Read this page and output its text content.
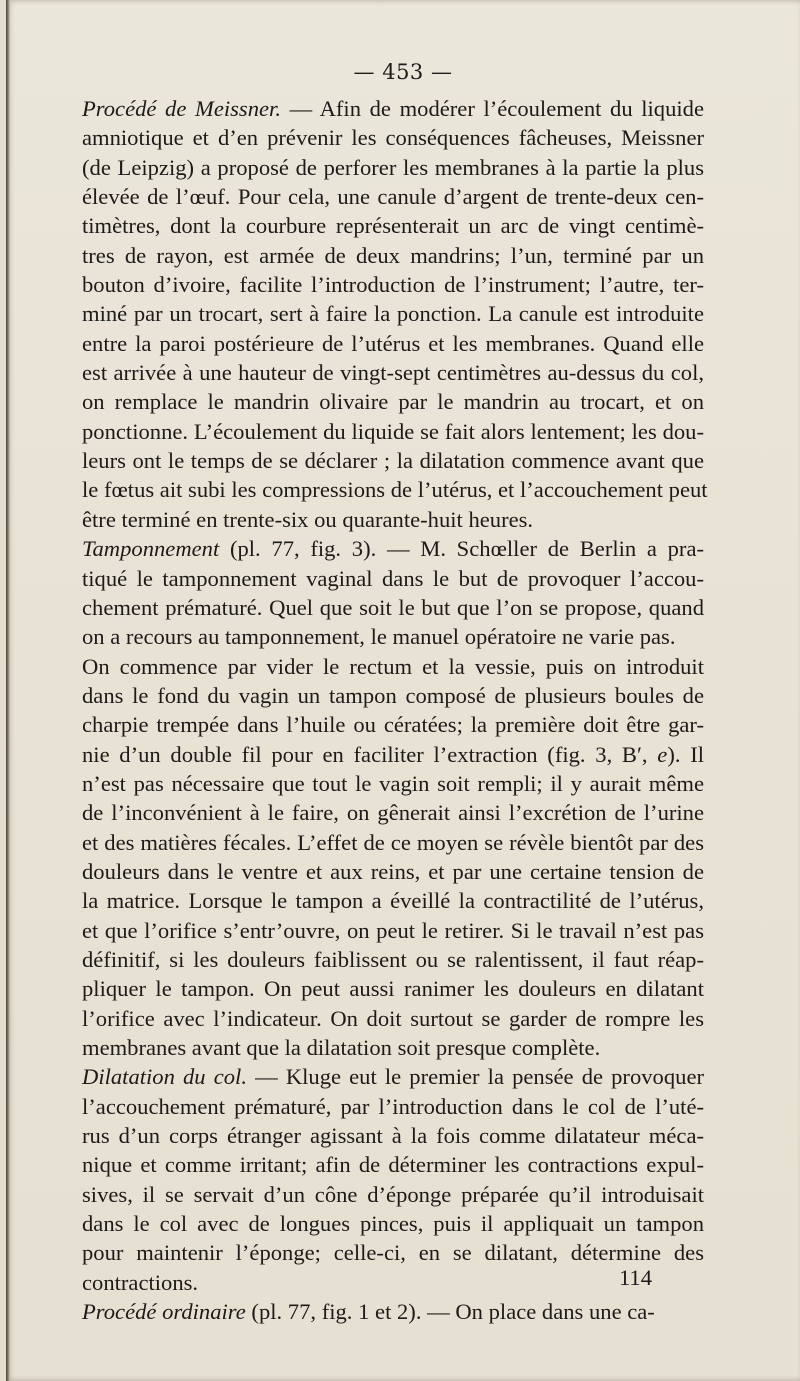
— 453 —
Procédé de Meissner. — Afin de modérer l’écoulement du liquide
amniotique et d’en prévenir les conséquences fâcheuses, Meissner
(de Leipzig) a proposé de perforer les membranes à la partie la plus
élevée de l’œuf. Pour cela, une canule d’argent de trente-deux cen-
timètres, dont la courbure représenterait un arc de vingt centimè-
tres de rayon, est armée de deux mandrins; l’un, terminé par un
bouton d’ivoire, facilite l’introduction de l’instrument; l’autre, ter-
miné par un trocart, sert à faire la ponction. La canule est introduite
entre la paroi postérieure de l’utérus et les membranes. Quand elle
est arrivée à une hauteur de vingt-sept centimètres au-dessus du col,
on remplace le mandrin olivaire par le mandrin au trocart, et on
ponctionne. L’écoulement du liquide se fait alors lentement; les dou-
leurs ont le temps de se déclarer ; la dilatation commence avant que
le fœtus ait subi les compressions de l’utérus, et l’accouchement peut
être terminé en trente-six ou quarante-huit heures.
Tamponnement (pl. 77, fig. 3). — M. Schœller de Berlin a pra-
tiqué le tamponnement vaginal dans le but de provoquer l’accou-
chement prématuré. Quel que soit le but que l’on se propose, quand
on a recours au tamponnement, le manuel opératoire ne varie pas.
On commence par vider le rectum et la vessie, puis on introduit
dans le fond du vagin un tampon composé de plusieurs boules de
charpie trempée dans l’huile ou cératées; la première doit être gar-
nie d’un double fil pour en faciliter l’extraction (fig. 3, B′, e). Il
n’est pas nécessaire que tout le vagin soit rempli; il y aurait même
de l’inconvénient à le faire, on gênerait ainsi l’excrétion de l’urine
et des matières fécales. L’effet de ce moyen se révèle bientôt par des
douleurs dans le ventre et aux reins, et par une certaine tension de
la matrice. Lorsque le tampon a éveillé la contractilité de l’utérus,
et que l’orifice s’entr’ouvre, on peut le retirer. Si le travail n’est pas
définitif, si les douleurs faiblissent ou se ralentissent, il faut réap-
pliquer le tampon. On peut aussi ranimer les douleurs en dilatant
l’orifice avec l’indicateur. On doit surtout se garder de rompre les
membranes avant que la dilatation soit presque complète.
Dilatation du col. — Kluge eut le premier la pensée de provoquer
l’accouchement prématuré, par l’introduction dans le col de l’uté-
rus d’un corps étranger agissant à la fois comme dilatateur méca-
nique et comme irritant; afin de déterminer les contractions expul-
sives, il se servait d’un cône d’éponge préparée qu’il introduisait
dans le col avec de longues pinces, puis il appliquait un tampon
pour maintenir l’éponge; celle-ci, en se dilatant, détermine des
contractions.
Procédé ordinaire (pl. 77, fig. 1 et 2). — On place dans une ca-
114
